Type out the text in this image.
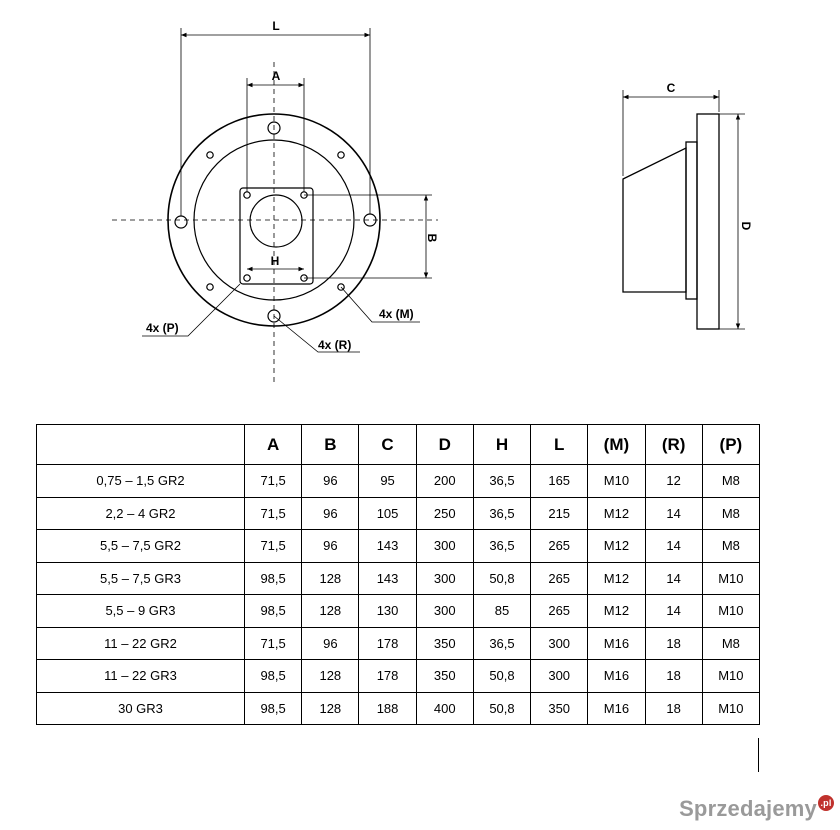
L
A
H
B
4x (P)
4x (R)
4x (M)
C
D
	A	B	C	D	H	L	(M)	(R)	(P)
0,75 – 1,5 GR2	71,5	96	95	200	36,5	165	M10	12	M8
2,2 – 4 GR2	71,5	96	105	250	36,5	215	M12	14	M8
5,5 – 7,5 GR2	71,5	96	143	300	36,5	265	M12	14	M8
5,5 – 7,5 GR3	98,5	128	143	300	50,8	265	M12	14	M10
5,5 – 9 GR3	98,5	128	130	300	85	265	M12	14	M10
11 – 22 GR2	71,5	96	178	350	36,5	300	M16	18	M8
11 – 22 GR3	98,5	128	178	350	50,8	300	M16	18	M10
30 GR3	98,5	128	188	400	50,8	350	M16	18	M10
Sprzedajemy .pl
